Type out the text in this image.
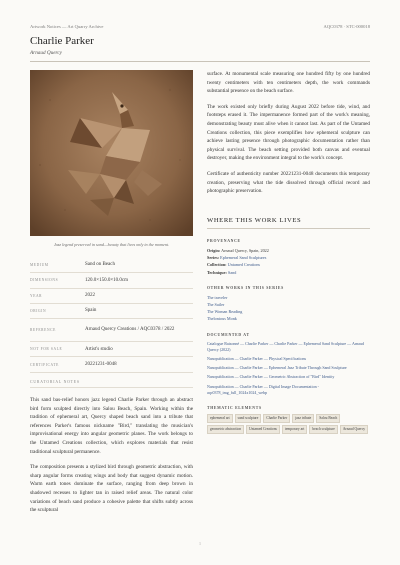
Artwork Notices — Art Quarry Archive	AQC0378 · STC-000018
Charlie Parker
Arnaud Quercy
Jazz legend preserved in sand—beauty that lives only in the moment.
MEDIUM	Sand on Beach
DIMENSIONS	120.0×150.0×10.0cm
YEAR	2022
ORIGIN	Spain
REFERENCE	Arnaud Quercy Creations / AQC0378 / 2022
NOT FOR SALE	Artist's studio
CERTIFICATE	20221231-0048
CURATORIAL NOTES

This sand bas-relief honors jazz legend Charlie Parker through an abstract bird form sculpted directly into Salou Beach, Spain. Working within the tradition of ephemeral art, Quercy shaped beach sand into a tribute that references Parker's famous nickname "Bird," translating the musician's improvisational energy into angular geometric planes. The work belongs to the Untamed Creations collection, which explores materials that resist traditional sculptural permanence.

The composition presents a stylized bird through geometric abstraction, with sharp angular forms creating wings and body that suggest dynamic motion. Warm earth tones dominate the surface, ranging from deep brown in shadowed recesses to lighter tan in raised relief areas. The natural color variations of beach sand produce a cohesive palette that shifts subtly across the sculptural

surface. At monumental scale measuring one hundred fifty by one hundred twenty centimeters with ten centimeters depth, the work commands substantial presence on the beach surface.

The work existed only briefly during August 2022 before tide, wind, and footsteps erased it. The impermanence formed part of the work's meaning, demonstrating beauty must alive when it cannot last. As part of the Untamed Creations collection, this piece exemplifies how ephemeral sculpture can achieve lasting presence through photographic documentation rather than physical survival. The beach setting provided both canvas and eventual destroyer, making the environment integral to the work's concept.

Certificate of authenticity number 20221231-0048 documents this temporary creation, preserving what the tide dissolved through official record and photographic preservation.

WHERE THIS WORK LIVES
PROVENANCE
Origin: Arnaud Quercy, Spain, 2022
Series: Ephemeral Sand Sculptures
Collection: Untamed Creations
Technique: Sand
OTHER WORKS IN THIS SERIES
The traveler
The Sailer
The Woman Reading
Thelonious Monk
DOCUMENTED AT
Catalogue Raisonné — Charlie Parker — Charlie Parker — Ephemeral Sand Sculpture — Arnaud Quercy (2022)
Nanopublication — Charlie Parker — Physical Specifications
Nanopublication — Charlie Parker — Ephemeral Jazz Tribute Through Sand Sculpture
Nanopublication — Charlie Parker — Geometric Abstraction of "Bird" Identity
Nanopublication — Charlie Parker — Digital Image Documentation - aqc0378_img_full_1024x1024_webp
THEMATIC ELEMENTS
ephemeral art	sand sculpture	Charlie Parker	jazz tribute	Salou Beach
geometric abstraction	Untamed Creations	temporary art	beach sculpture	Arnaud Quercy
1
